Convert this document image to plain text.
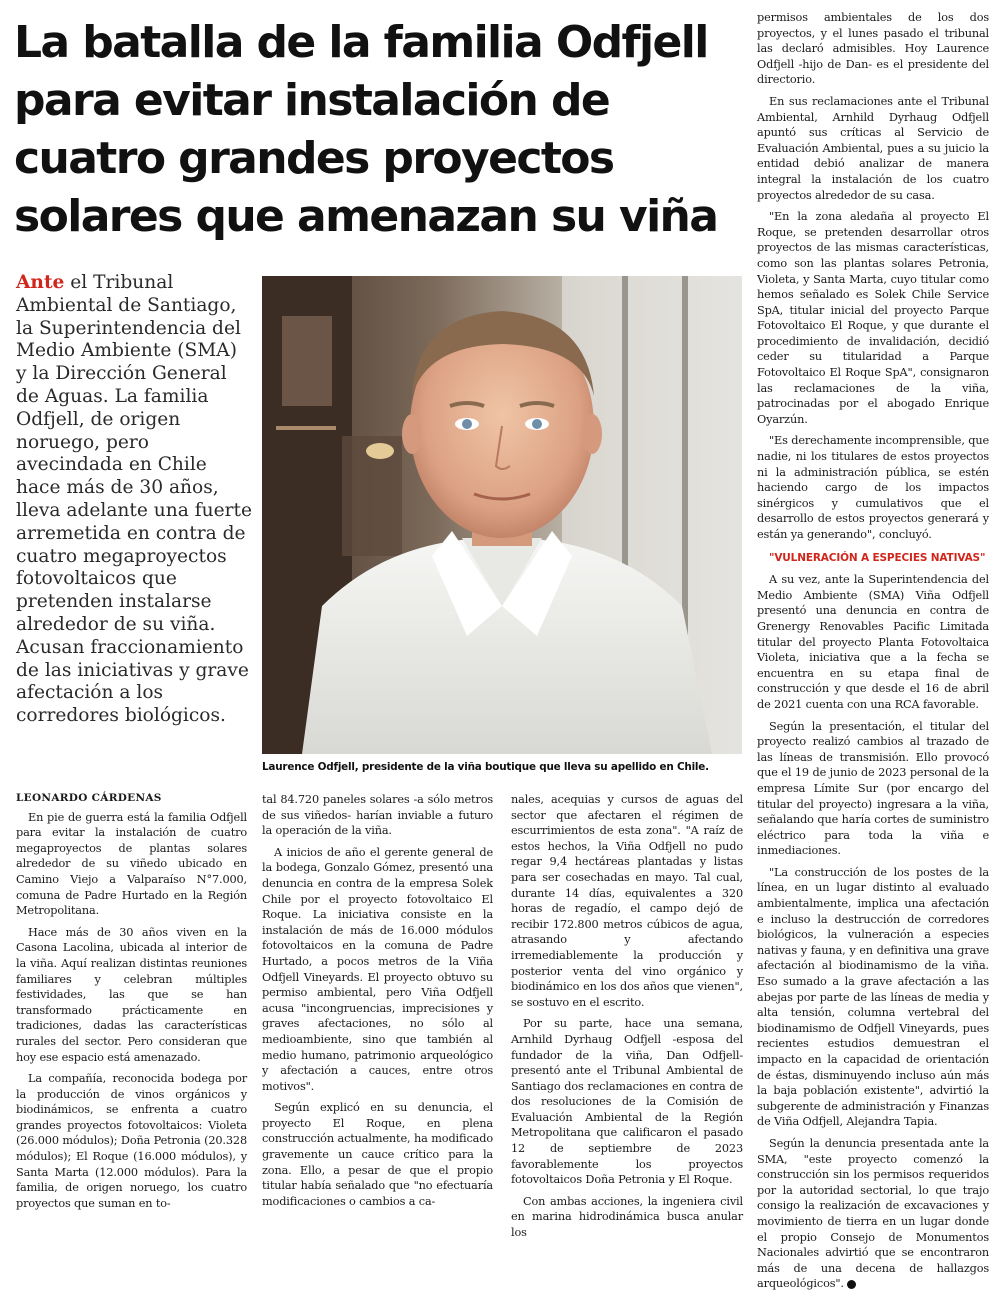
La batalla de la familia Odfjell
para evitar instalación de
cuatro grandes proyectos
solares que amenazan su viña
Ante el Tribunal Ambiental de Santiago, la Superintendencia del Medio Ambiente (SMA) y la Dirección General de Aguas. La familia Odfjell, de origen noruego, pero avecindada en Chile hace más de 30 años, lleva adelante una fuerte arremetida en contra de cuatro megaproyectos fotovoltaicos que pretenden instalarse alrededor de su viña. Acusan fraccionamiento de las iniciativas y grave afectación a los corredores biológicos.
Laurence Odfjell, presidente de la viña boutique que lleva su apellido en Chile.
LEONARDO CÁRDENAS

En pie de guerra está la familia Odfjell para evitar la instalación de cuatro megaproyectos de plantas solares alrededor de su viñedo ubicado en Camino Viejo a Valparaíso N°7.000, comuna de Padre Hurtado en la Región Metropolitana.

Hace más de 30 años viven en la Casona Lacolina, ubicada al interior de la viña. Aquí realizan distintas reuniones familiares y celebran múltiples festividades, las que se han transformado prácticamente en tradiciones, dadas las características rurales del sector. Pero consideran que hoy ese espacio está amenazado.

La compañía, reconocida bodega por la producción de vinos orgánicos y biodinámicos, se enfrenta a cuatro grandes proyectos fotovoltaicos: Violeta (26.000 módulos); Doña Petronia (20.328 módulos); El Roque (16.000 módulos), y Santa Marta (12.000 módulos). Para la familia, de origen noruego, los cuatro proyectos que suman en to-

tal 84.720 paneles solares -a sólo metros de sus viñedos- harían inviable a futuro la operación de la viña.

A inicios de año el gerente general de la bodega, Gonzalo Gómez, presentó una denuncia en contra de la empresa Solek Chile por el proyecto fotovoltaico El Roque. La iniciativa consiste en la instalación de más de 16.000 módulos fotovoltaicos en la comuna de Padre Hurtado, a pocos metros de la Viña Odfjell Vineyards. El proyecto obtuvo su permiso ambiental, pero Viña Odfjell acusa "incongruencias, imprecisiones y graves afectaciones, no sólo al medioambiente, sino que también al medio humano, patrimonio arqueológico y afectación a cauces, entre otros motivos".

Según explicó en su denuncia, el proyecto El Roque, en plena construcción actualmente, ha modificado gravemente un cauce crítico para la zona. Ello, a pesar de que el propio titular había señalado que "no efectuaría modificaciones o cambios a ca-

nales, acequias y cursos de aguas del sector que afectaren el régimen de escurrimientos de esta zona". "A raíz de estos hechos, la Viña Odfjell no pudo regar 9,4 hectáreas plantadas y listas para ser cosechadas en mayo. Tal cual, durante 14 días, equivalentes a 320 horas de regadío, el campo dejó de recibir 172.800 metros cúbicos de agua, atrasando y afectando irremediablemente la producción y posterior venta del vino orgánico y biodinámico en los dos años que vienen", se sostuvo en el escrito.

Por su parte, hace una semana, Arnhild Dyrhaug Odfjell -esposa del fundador de la viña, Dan Odfjell- presentó ante el Tribunal Ambiental de Santiago dos reclamaciones en contra de dos resoluciones de la Comisión de Evaluación Ambiental de la Región Metropolitana que calificaron el pasado 12 de septiembre de 2023 favorablemente los proyectos fotovoltaicos Doña Petronia y El Roque.

Con ambas acciones, la ingeniera civil en marina hidrodinámica busca anular los

permisos ambientales de los dos proyectos, y el lunes pasado el tribunal las declaró admisibles. Hoy Laurence Odfjell -hijo de Dan- es el presidente del directorio.

En sus reclamaciones ante el Tribunal Ambiental, Arnhild Dyrhaug Odfjell apuntó sus críticas al Servicio de Evaluación Ambiental, pues a su juicio la entidad debió analizar de manera integral la instalación de los cuatro proyectos alrededor de su casa.

"En la zona aledaña al proyecto El Roque, se pretenden desarrollar otros proyectos de las mismas características, como son las plantas solares Petronia, Violeta, y Santa Marta, cuyo titular como hemos señalado es Solek Chile Service SpA, titular inicial del proyecto Parque Fotovoltaico El Roque, y que durante el procedimiento de invalidación, decidió ceder su titularidad a Parque Fotovoltaico El Roque SpA", consignaron las reclamaciones de la viña, patrocinadas por el abogado Enrique Oyarzún.

"Es derechamente incomprensible, que nadie, ni los titulares de estos proyectos ni la administración pública, se estén haciendo cargo de los impactos sinérgicos y cumulativos que el desarrollo de estos proyectos generará y están ya generando", concluyó.

"VULNERACIÓN A ESPECIES NATIVAS"

A su vez, ante la Superintendencia del Medio Ambiente (SMA) Viña Odfjell presentó una denuncia en contra de Grenergy Renovables Pacific Limitada titular del proyecto Planta Fotovoltaica Violeta, iniciativa que a la fecha se encuentra en su etapa final de construcción y que desde el 16 de abril de 2021 cuenta con una RCA favorable.

Según la presentación, el titular del proyecto realizó cambios al trazado de las líneas de transmisión. Ello provocó que el 19 de junio de 2023 personal de la empresa Límite Sur (por encargo del titular del proyecto) ingresara a la viña, señalando que haría cortes de suministro eléctrico para toda la viña e inmediaciones.

"La construcción de los postes de la línea, en un lugar distinto al evaluado ambientalmente, implica una afectación e incluso la destrucción de corredores biológicos, la vulneración a especies nativas y fauna, y en definitiva una grave afectación al biodinamismo de la viña. Eso sumado a la grave afectación a las abejas por parte de las líneas de media y alta tensión, columna vertebral del biodinamismo de Odfjell Vineyards, pues recientes estudios demuestran el impacto en la capacidad de orientación de éstas, disminuyendo incluso aún más la baja población existente", advirtió la subgerente de administración y Finanzas de Viña Odfjell, Alejandra Tapia.

Según la denuncia presentada ante la SMA, "este proyecto comenzó la construcción sin los permisos requeridos por la autoridad sectorial, lo que trajo consigo la realización de excavaciones y movimiento de tierra en un lugar donde el propio Consejo de Monumentos Nacionales advirtió que se encontraron más de una decena de hallazgos arqueológicos".
